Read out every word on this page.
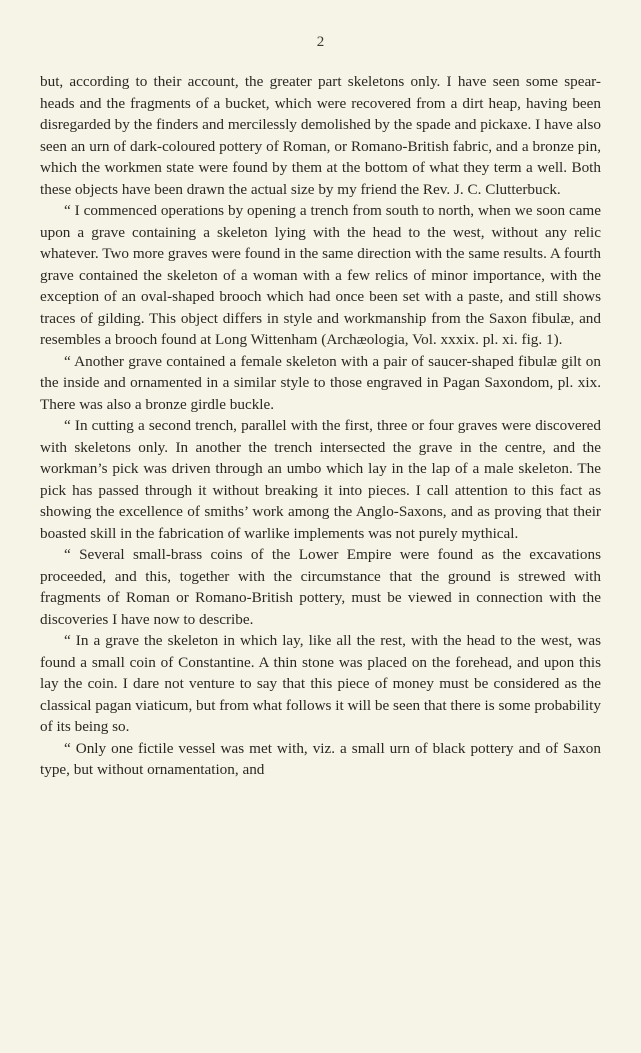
2

but, according to their account, the greater part skeletons only. I have seen some spear-heads and the fragments of a bucket, which were recovered from a dirt heap, having been disregarded by the finders and mercilessly demolished by the spade and pickaxe. I have also seen an urn of dark-coloured pottery of Roman, or Romano-British fabric, and a bronze pin, which the workmen state were found by them at the bottom of what they term a well. Both these objects have been drawn the actual size by my friend the Rev. J. C. Clutterbuck.

“ I commenced operations by opening a trench from south to north, when we soon came upon a grave containing a skeleton lying with the head to the west, without any relic whatever. Two more graves were found in the same direction with the same results. A fourth grave contained the skeleton of a woman with a few relics of minor importance, with the exception of an oval-shaped brooch which had once been set with a paste, and still shows traces of gilding. This object differs in style and workmanship from the Saxon fibulæ, and resembles a brooch found at Long Wittenham (Archæologia, Vol. xxxix. pl. xi. fig. 1).

“ Another grave contained a female skeleton with a pair of saucer-shaped fibulæ gilt on the inside and ornamented in a similar style to those engraved in Pagan Saxondom, pl. xix. There was also a bronze girdle buckle.

“ In cutting a second trench, parallel with the first, three or four graves were discovered with skeletons only. In another the trench intersected the grave in the centre, and the workman’s pick was driven through an umbo which lay in the lap of a male skeleton. The pick has passed through it without breaking it into pieces. I call attention to this fact as showing the excellence of smiths’ work among the Anglo-Saxons, and as proving that their boasted skill in the fabrication of warlike implements was not purely mythical.

“ Several small-brass coins of the Lower Empire were found as the excavations proceeded, and this, together with the circumstance that the ground is strewed with fragments of Roman or Romano-British pottery, must be viewed in connection with the discoveries I have now to describe.

“ In a grave the skeleton in which lay, like all the rest, with the head to the west, was found a small coin of Constantine. A thin stone was placed on the forehead, and upon this lay the coin. I dare not venture to say that this piece of money must be considered as the classical pagan viaticum, but from what follows it will be seen that there is some probability of its being so.

“ Only one fictile vessel was met with, viz. a small urn of black pottery and of Saxon type, but without ornamentation, and
